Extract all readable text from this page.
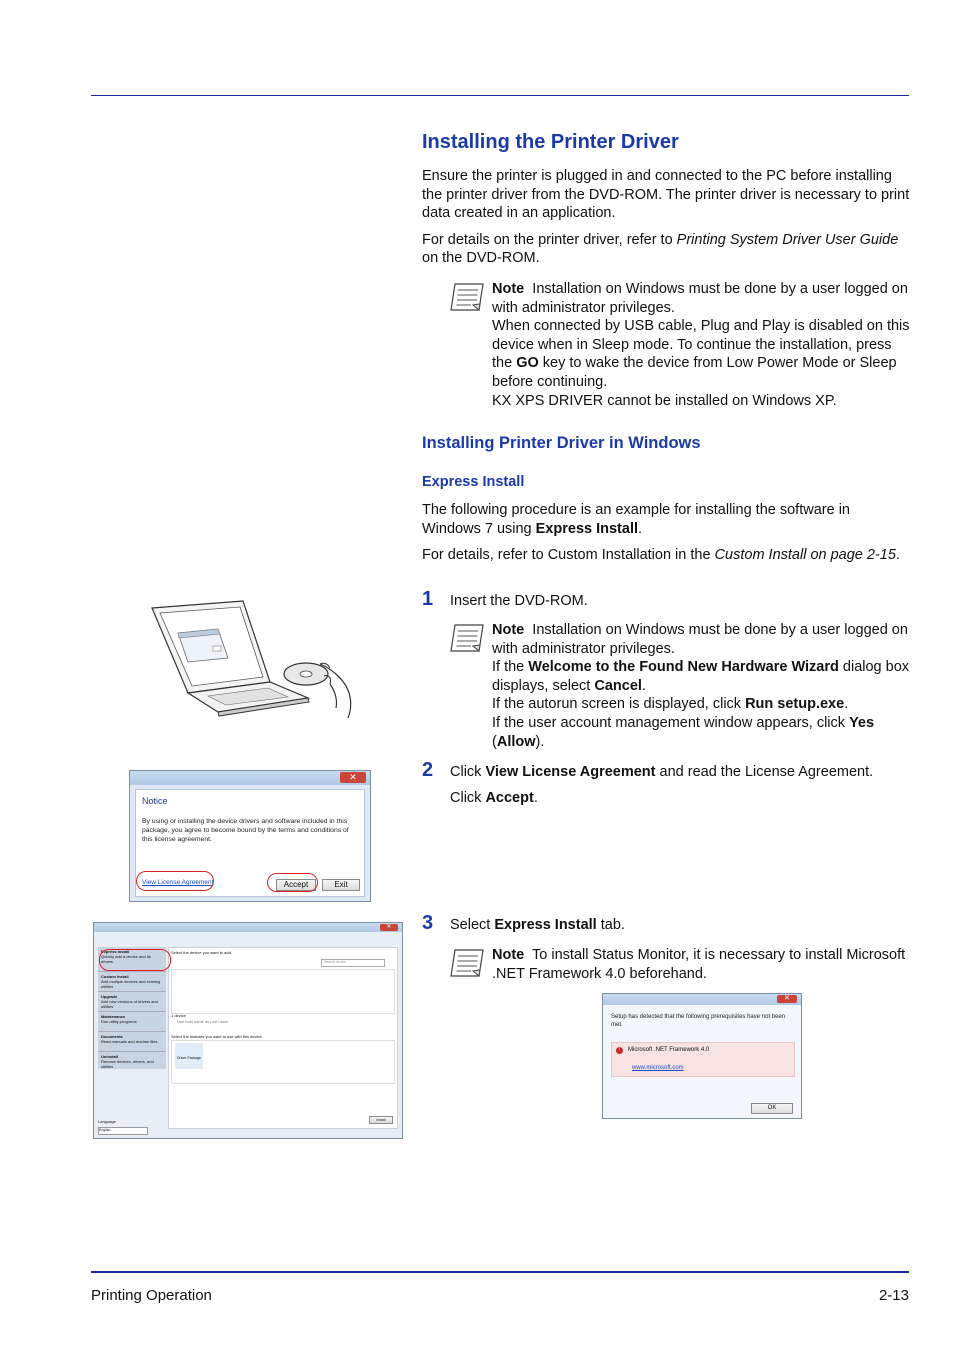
Installing the Printer Driver

Ensure the printer is plugged in and connected to the PC before installing the printer driver from the DVD-ROM. The printer driver is necessary to print data created in an application.

For details on the printer driver, refer to Printing System Driver User Guide on the DVD-ROM.

Note Installation on Windows must be done by a user logged on with administrator privileges.
When connected by USB cable, Plug and Play is disabled on this device when in Sleep mode. To continue the installation, press the GO key to wake the device from Low Power Mode or Sleep before continuing.
KX XPS DRIVER cannot be installed on Windows XP.
Installing Printer Driver in Windows
Express Install

The following procedure is an example for installing the software in Windows 7 using Express Install.

For details, refer to Custom Installation in the Custom Install on page 2-15.

1 Insert the DVD-ROM.
Note Installation on Windows must be done by a user logged on with administrator privileges.
If the Welcome to the Found New Hardware Wizard dialog box displays, select Cancel.
If the autorun screen is displayed, click Run setup.exe.
If the user account management window appears, click Yes (Allow).
2 Click View License Agreement and read the License Agreement.
Click Accept.
✕
Notice
By using or installing the device drivers and software included in this package, you agree to become bound by the terms and conditions of this license agreement.
View License Agreement	Accept	Exit
3 Select Express Install tab.
Note To install Status Monitor, it is necessary to install Microsoft .NET Framework 4.0 beforehand.
✕
Express Install
Quickly add a device and its drivers
Custom Install
Add multiple devices and existing utilities
Upgrade
Add new versions of drivers and utilities
Maintenance
Run utility programs
Documents
Read manuals and readme files
Uninstall
Remove devices, drivers, and utilities
Select the device you want to add.
Search device
1 device
Use host name as port name
Select the features you want to use with this device.
Driver Package
Install
Language
English
✕
Setup has detected that the following prerequisites have not been met.
!	Microsoft .NET Framework 4.0
www.microsoft.com
OK
Printing Operation	2-13
